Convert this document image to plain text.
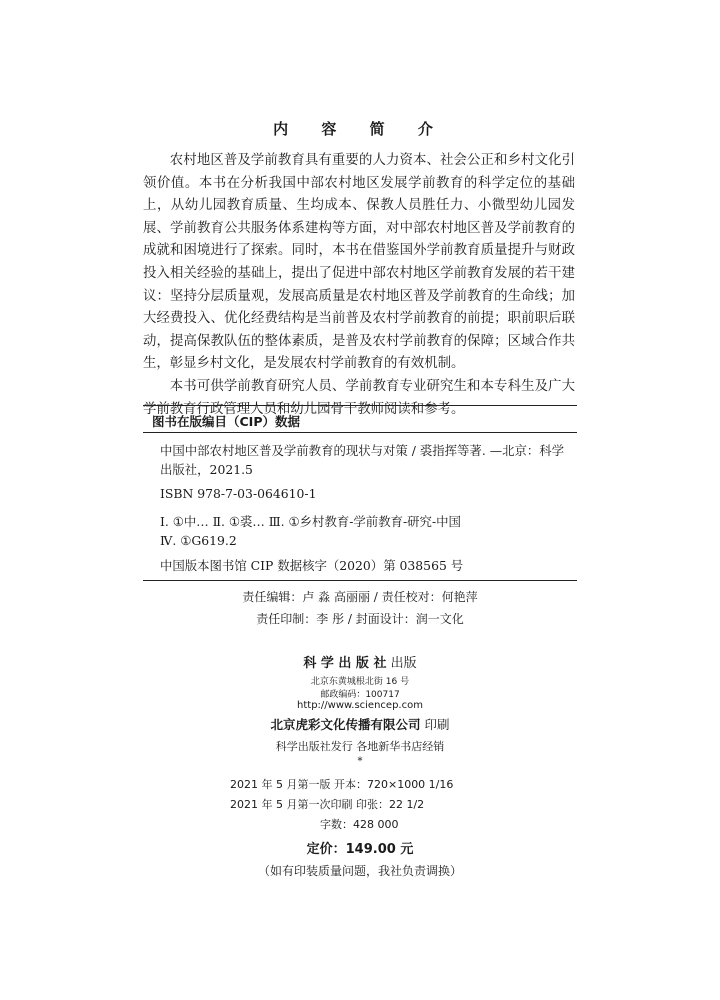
内 容 简 介

农村地区普及学前教育具有重要的人力资本、社会公正和乡村文化引领价值。本书在分析我国中部农村地区发展学前教育的科学定位的基础上，从幼儿园教育质量、生均成本、保教人员胜任力、小微型幼儿园发展、学前教育公共服务体系建构等方面，对中部农村地区普及学前教育的成就和困境进行了探索。同时，本书在借鉴国外学前教育质量提升与财政投入相关经验的基础上，提出了促进中部农村地区学前教育发展的若干建议：坚持分层质量观，发展高质量是农村地区普及学前教育的生命线；加大经费投入、优化经费结构是当前普及农村学前教育的前提；职前职后联动，提高保教队伍的整体素质，是普及农村学前教育的保障；区域合作共生，彰显乡村文化，是发展农村学前教育的有效机制。

本书可供学前教育研究人员、学前教育专业研究生和本专科生及广大学前教育行政管理人员和幼儿园骨干教师阅读和参考。

图书在版编目（CIP）数据
中国中部农村地区普及学前教育的现状与对策 / 裘指挥等著. —北京：科学出版社，2021.5
ISBN 978-7-03-064610-1
Ⅰ. ①中… Ⅱ. ①裘… Ⅲ. ①乡村教育-学前教育-研究-中国
Ⅳ. ①G619.2
中国版本图书馆 CIP 数据核字（2020）第 038565 号
责任编辑：卢 淼 高丽丽 / 责任校对：何艳萍
责任印制：李 彤 / 封面设计：润一文化
科 学 出 版 社 出版
北京东黄城根北街 16 号
邮政编码：100717
http://www.sciencep.com
北京虎彩文化传播有限公司 印刷
科学出版社发行 各地新华书店经销
*
2021 年 5 月第一版 开本：720×1000 1/16
2021 年 5 月第一次印刷 印张：22 1/2
字数：428 000
定价：149.00 元
（如有印装质量问题，我社负责调换）
